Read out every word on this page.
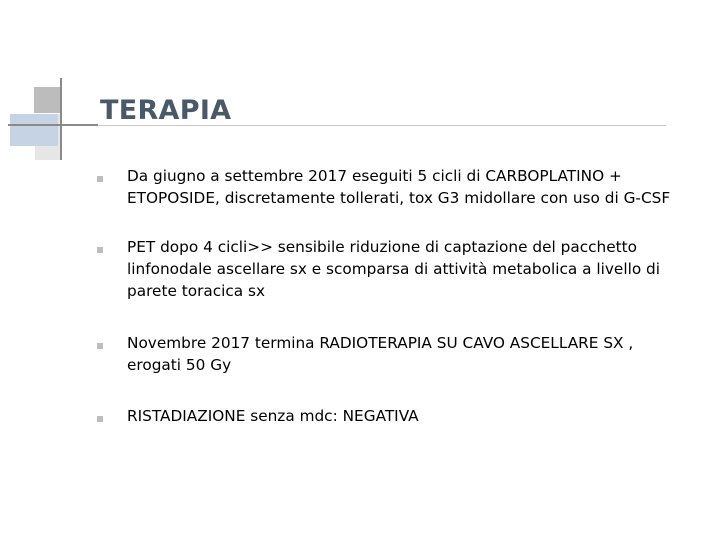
TERAPIA
Da giugno a settembre 2017 eseguiti 5 cicli di CARBOPLATINO + ETOPOSIDE, discretamente tollerati, tox G3 midollare con uso di G-CSF
PET dopo 4 cicli>> sensibile riduzione di captazione del pacchetto linfonodale ascellare sx e scomparsa di attività metabolica a livello di parete toracica sx
Novembre 2017 termina RADIOTERAPIA SU CAVO ASCELLARE SX , erogati 50 Gy
RISTADIAZIONE senza mdc: NEGATIVA
